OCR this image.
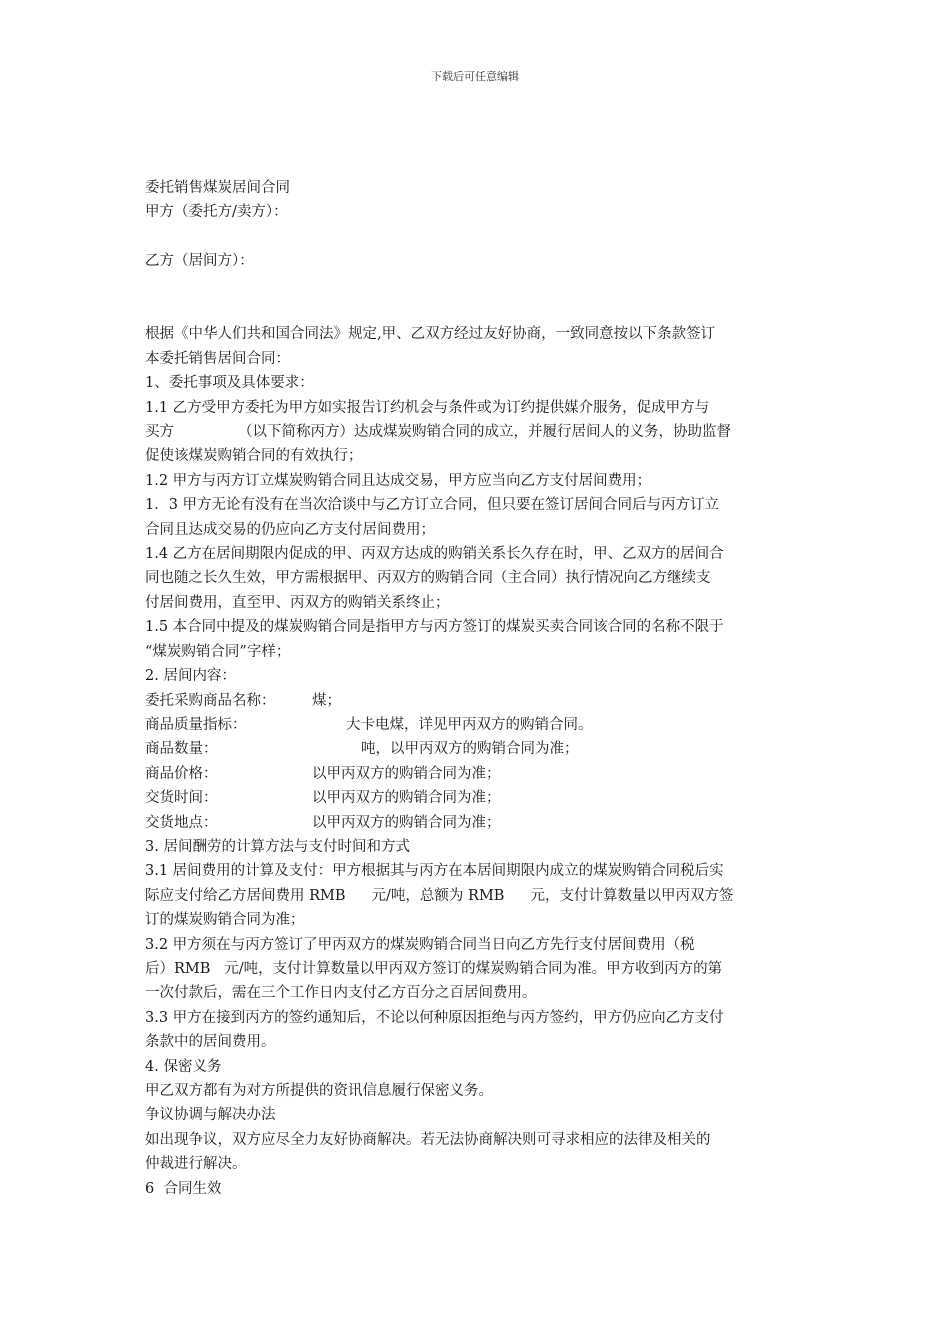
下载后可任意编辑
委托销售煤炭居间合同
甲方（委托方/卖方）：
乙方（居间方）：
根据《中华人们共和国合同法》规定,甲、乙双方经过友好协商，一致同意按以下条款签订
本委托销售居间合同：
1、委托事项及具体要求：
1.1 乙方受甲方委托为甲方如实报告订约机会与条件或为订约提供媒介服务，促成甲方与
买方	（以下简称丙方）达成煤炭购销合同的成立，并履行居间人的义务，协助监督
促使该煤炭购销合同的有效执行；
1.2 甲方与丙方订立煤炭购销合同且达成交易，甲方应当向乙方支付居间费用；
1．3 甲方无论有没有在当次洽谈中与乙方订立合同，但只要在签订居间合同后与丙方订立
合同且达成交易的仍应向乙方支付居间费用；
1.4 乙方在居间期限内促成的甲、丙双方达成的购销关系长久存在时，甲、乙双方的居间合
同也随之长久生效，甲方需根据甲、丙双方的购销合同（主合同）执行情况向乙方继续支
付居间费用，直至甲、丙双方的购销关系终止；
1.5 本合同中提及的煤炭购销合同是指甲方与丙方签订的煤炭买卖合同该合同的名称不限于
“煤炭购销合同”字样；
2. 居间内容：
委托采购商品名称：	煤；
商品质量指标：	大卡电煤，详见甲丙双方的购销合同。
商品数量：	吨，以甲丙双方的购销合同为准；
商品价格：	以甲丙双方的购销合同为准；
交货时间：	以甲丙双方的购销合同为准；
交货地点：	以甲丙双方的购销合同为准；
3. 居间酬劳的计算方法与支付时间和方式
3.1 居间费用的计算及支付：甲方根据其与丙方在本居间期限内成立的煤炭购销合同税后实
际应支付给乙方居间费用 RMB 元/吨，总额为 RMB 元，支付计算数量以甲丙双方签
订的煤炭购销合同为准；
3.2 甲方须在与丙方签订了甲丙双方的煤炭购销合同当日向乙方先行支付居间费用（税
后）RMB   元/吨，支付计算数量以甲丙双方签订的煤炭购销合同为准。甲方收到丙方的第
一次付款后，需在三个工作日内支付乙方百分之百居间费用。
3.3 甲方在接到丙方的签约通知后，不论以何种原因拒绝与丙方签约，甲方仍应向乙方支付
条款中的居间费用。
4. 保密义务
甲乙双方都有为对方所提供的资讯信息履行保密义务。
争议协调与解决办法
如出现争议，双方应尽全力友好协商解决。若无法协商解决则可寻求相应的法律及相关的
仲裁进行解决。
6  合同生效
